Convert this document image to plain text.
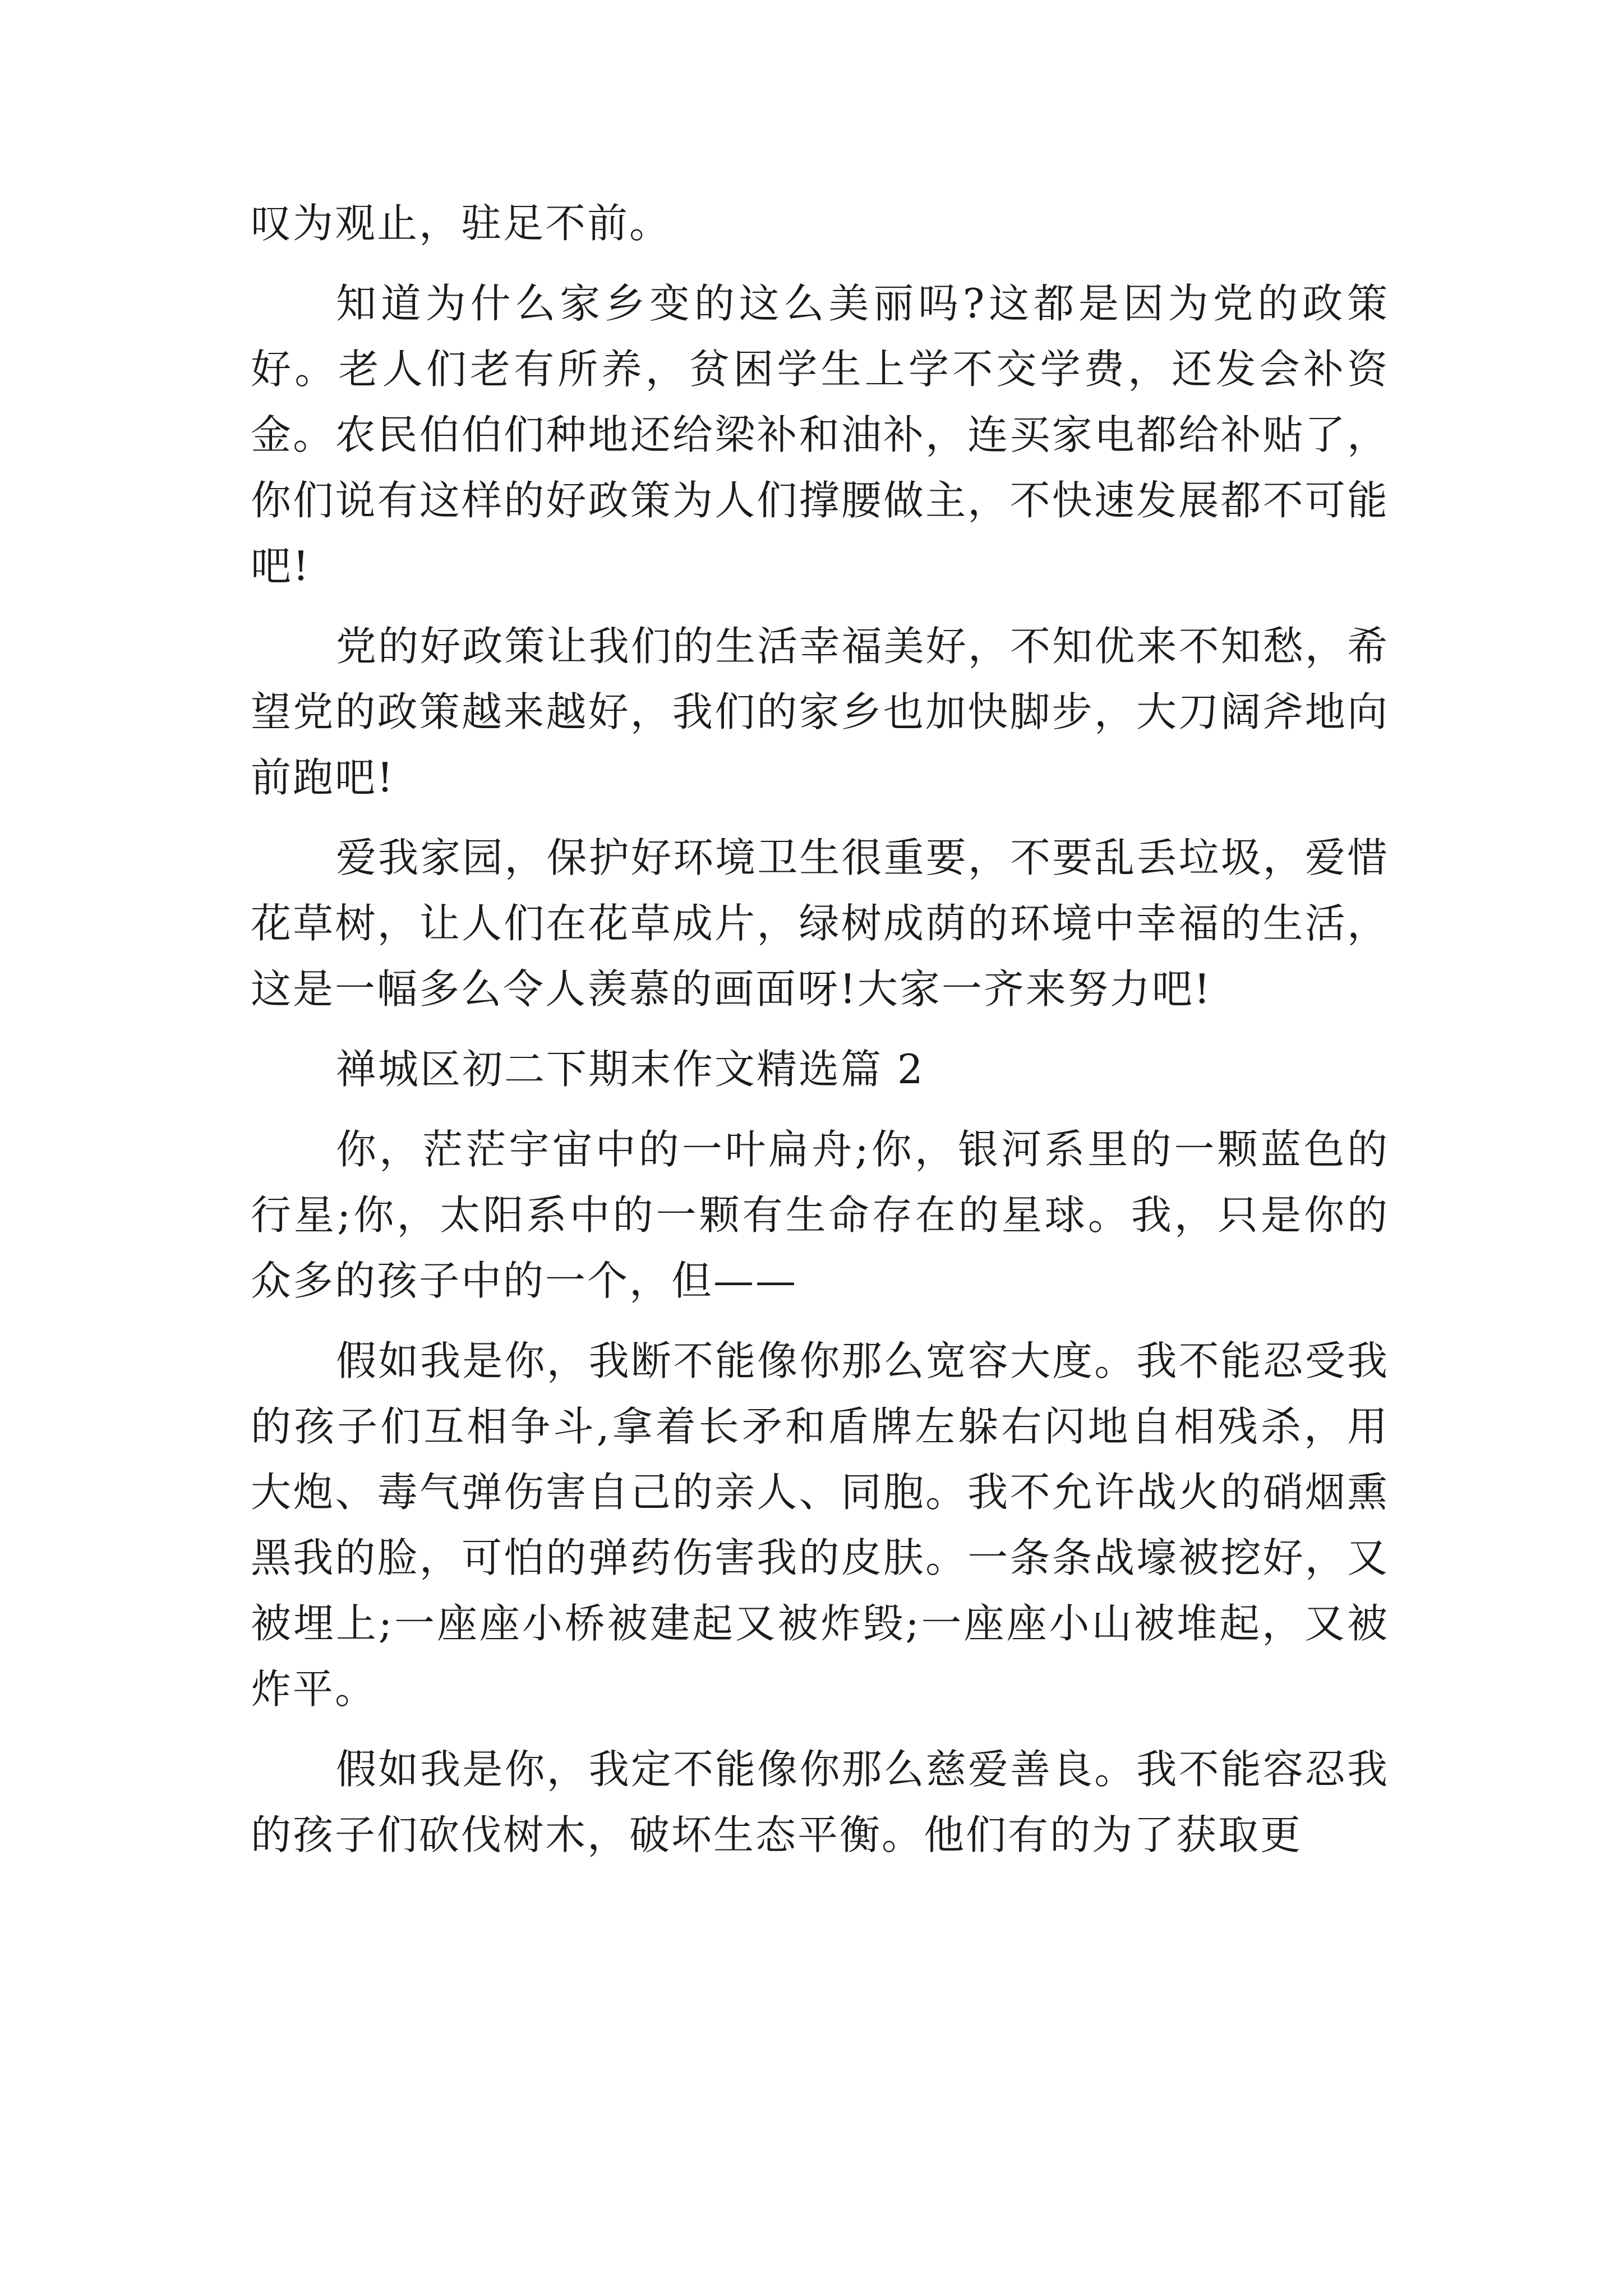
叹为观止，驻足不前。

知道为什么家乡变的这么美丽吗?这都是因为党的政策好。老人们老有所养，贫困学生上学不交学费，还发会补资金。农民伯伯们种地还给梁补和油补，连买家电都给补贴了，你们说有这样的好政策为人们撑腰做主，不快速发展都不可能吧!

党的好政策让我们的生活幸福美好，不知优来不知愁，希望党的政策越来越好，我们的家乡也加快脚步，大刀阔斧地向前跑吧!

爱我家园，保护好环境卫生很重要，不要乱丢垃圾，爱惜花草树，让人们在花草成片，绿树成荫的环境中幸福的生活，这是一幅多么令人羡慕的画面呀!大家一齐来努力吧!

禅城区初二下期末作文精选篇 2

你，茫茫宇宙中的一叶扁舟;你，银河系里的一颗蓝色的行星;你，太阳系中的一颗有生命存在的星球。我，只是你的众多的孩子中的一个，但——

假如我是你，我断不能像你那么宽容大度。我不能忍受我的孩子们互相争斗,拿着长矛和盾牌左躲右闪地自相残杀，用大炮、毒气弹伤害自己的亲人、同胞。我不允许战火的硝烟熏黑我的脸，可怕的弹药伤害我的皮肤。一条条战壕被挖好，又被埋上;一座座小桥被建起又被炸毁;一座座小山被堆起，又被炸平。

假如我是你，我定不能像你那么慈爱善良。我不能容忍我的孩子们砍伐树木，破坏生态平衡。他们有的为了获取更
